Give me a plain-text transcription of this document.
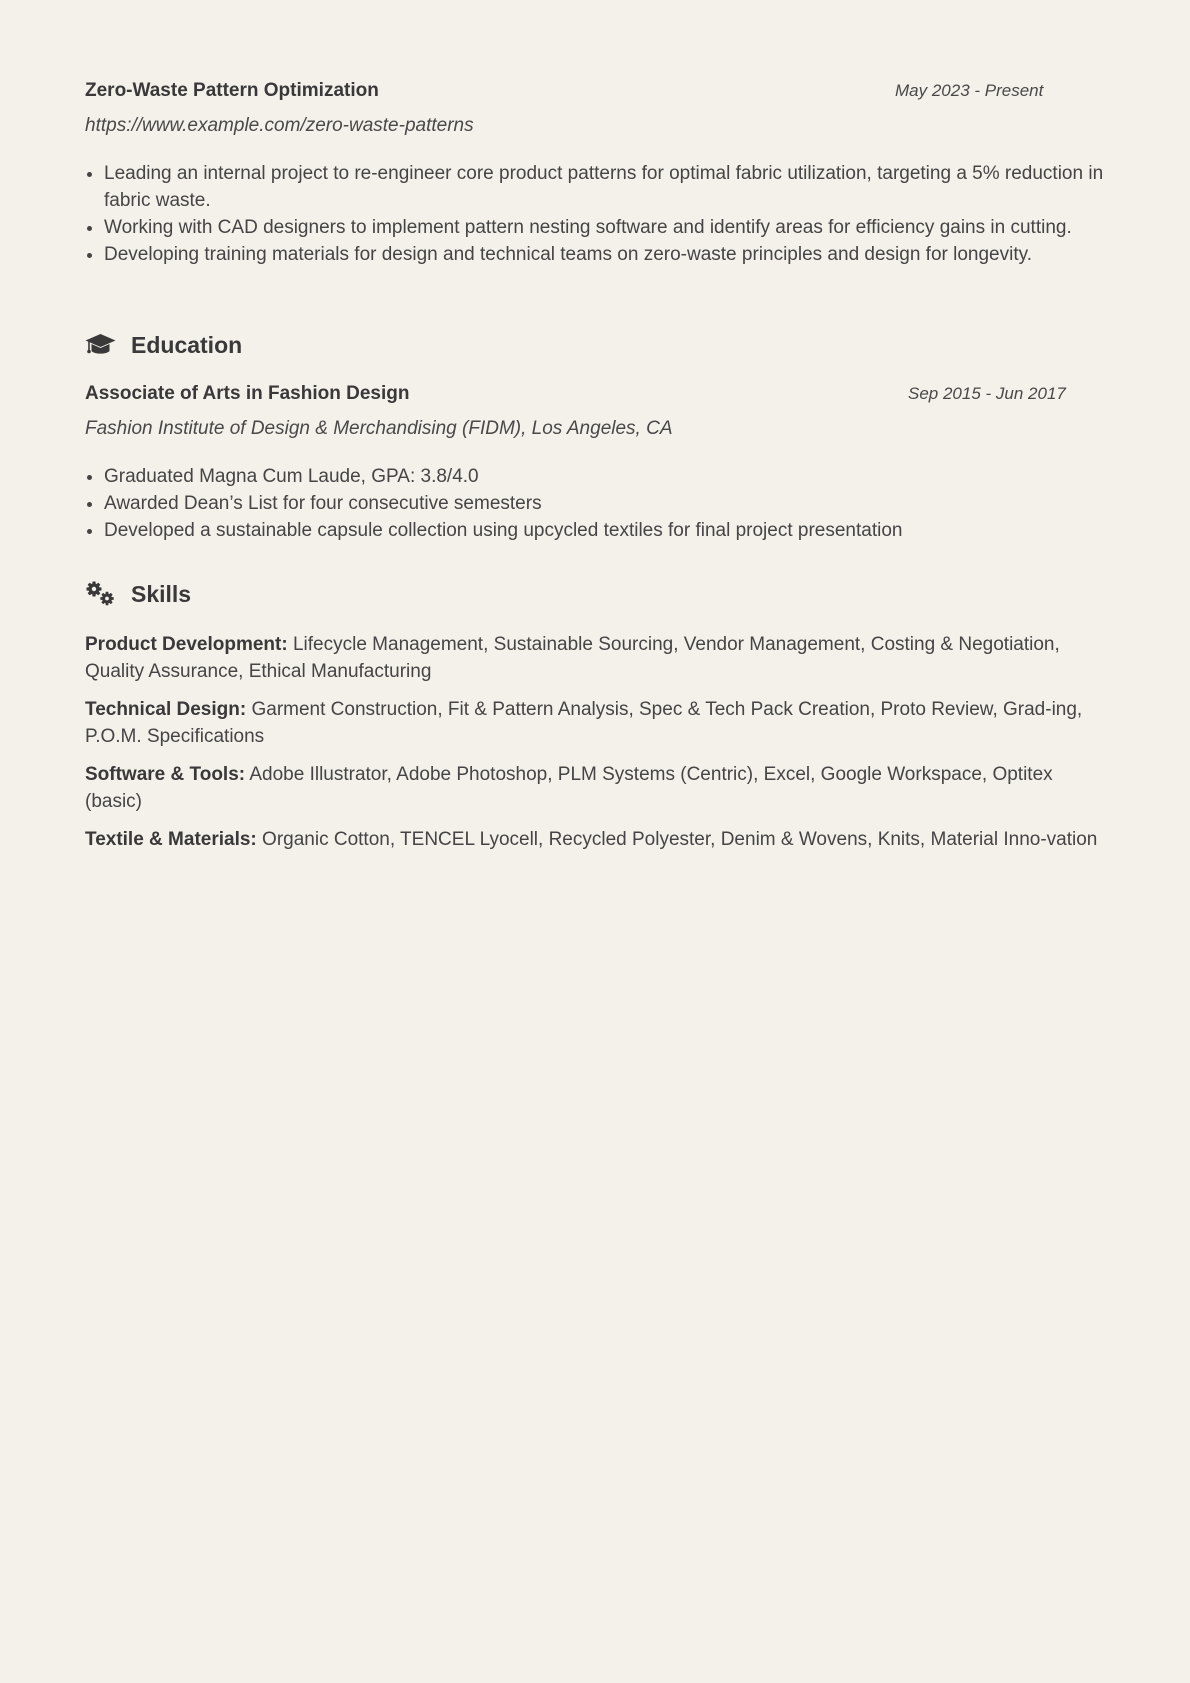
Zero-Waste Pattern Optimization	May 2023 - Present
https://www.example.com/zero-waste-patterns
Leading an internal project to re-engineer core product patterns for optimal fabric utilization, targeting a 5% reduction in fabric waste.
Working with CAD designers to implement pattern nesting software and identify areas for efficiency gains in cutting.
Developing training materials for design and technical teams on zero-waste principles and design for longevity.
Education
Associate of Arts in Fashion Design	Sep 2015 - Jun 2017
Fashion Institute of Design & Merchandising (FIDM), Los Angeles, CA
Graduated Magna Cum Laude, GPA: 3.8/4.0
Awarded Dean’s List for four consecutive semesters
Developed a sustainable capsule collection using upcycled textiles for final project presentation
Skills
Product Development: Lifecycle Management, Sustainable Sourcing, Vendor Management, Costing & Negotiation, Quality Assurance, Ethical Manufacturing
Technical Design: Garment Construction, Fit & Pattern Analysis, Spec & Tech Pack Creation, Proto Review, Grad-ing, P.O.M. Specifications
Software & Tools: Adobe Illustrator, Adobe Photoshop, PLM Systems (Centric), Excel, Google Workspace, Optitex (basic)
Textile & Materials: Organic Cotton, TENCEL Lyocell, Recycled Polyester, Denim & Wovens, Knits, Material Inno-vation
